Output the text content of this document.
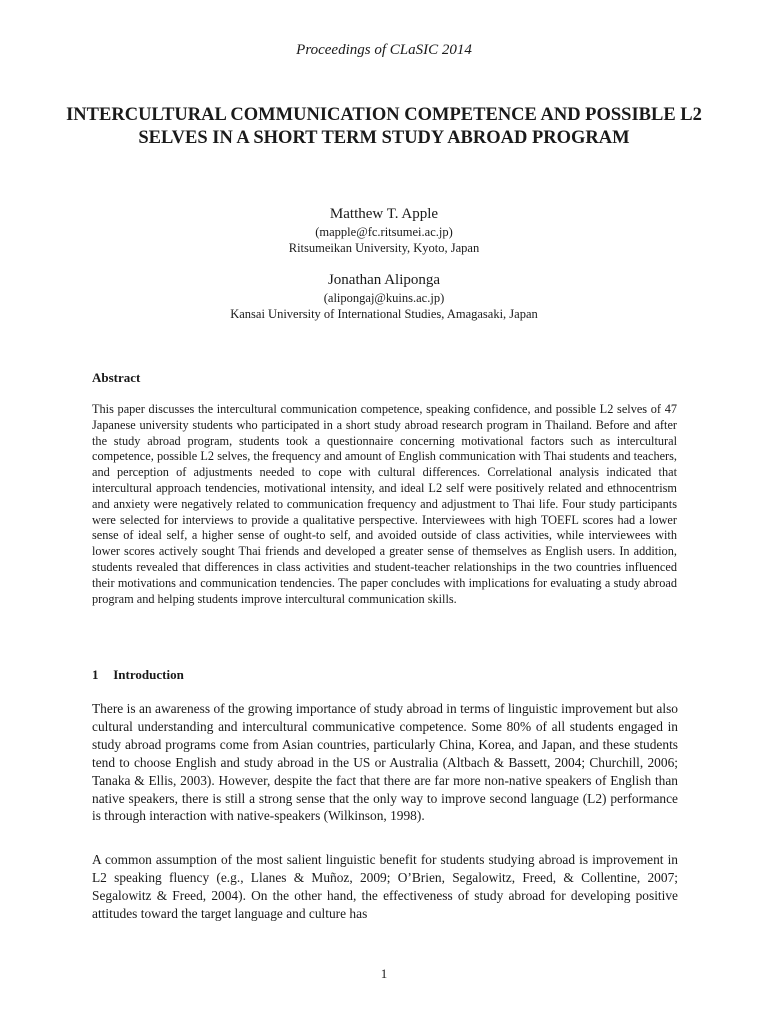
Proceedings of CLaSIC 2014
INTERCULTURAL COMMUNICATION COMPETENCE AND POSSIBLE L2 SELVES IN A SHORT TERM STUDY ABROAD PROGRAM
Matthew T. Apple
(mapple@fc.ritsumei.ac.jp)
Ritsumeikan University, Kyoto, Japan
Jonathan Aliponga
(alipongaj@kuins.ac.jp)
Kansai University of International Studies, Amagasaki, Japan
Abstract

This paper discusses the intercultural communication competence, speaking confidence, and possible L2 selves of 47 Japanese university students who participated in a short study abroad research program in Thailand. Before and after the study abroad program, students took a questionnaire concerning motivational factors such as intercultural competence, possible L2 selves, the frequency and amount of English communication with Thai students and teachers, and perception of adjustments needed to cope with cultural differences. Correlational analysis indicated that intercultural approach tendencies, motivational intensity, and ideal L2 self were positively related and ethnocentrism and anxiety were negatively related to communication frequency and adjustment to Thai life. Four study participants were selected for interviews to provide a qualitative perspective. Interviewees with high TOEFL scores had a lower sense of ideal self, a higher sense of ought-to self, and avoided outside of class activities, while interviewees with lower scores actively sought Thai friends and developed a greater sense of themselves as English users. In addition, students revealed that differences in class activities and student-teacher relationships in the two countries influenced their motivations and communication tendencies. The paper concludes with implications for evaluating a study abroad program and helping students improve intercultural communication skills.

1 Introduction

There is an awareness of the growing importance of study abroad in terms of linguistic improvement but also cultural understanding and intercultural communicative competence. Some 80% of all students engaged in study abroad programs come from Asian countries, particularly China, Korea, and Japan, and these students tend to choose English and study abroad in the US or Australia (Altbach & Bassett, 2004; Churchill, 2006; Tanaka & Ellis, 2003). However, despite the fact that there are far more non-native speakers of English than native speakers, there is still a strong sense that the only way to improve second language (L2) performance is through interaction with native-speakers (Wilkinson, 1998).

A common assumption of the most salient linguistic benefit for students studying abroad is improvement in L2 speaking fluency (e.g., Llanes & Muñoz, 2009; O’Brien, Segalowitz, Freed, & Collentine, 2007; Segalowitz & Freed, 2004). On the other hand, the effectiveness of study abroad for developing positive attitudes toward the target language and culture has

1
